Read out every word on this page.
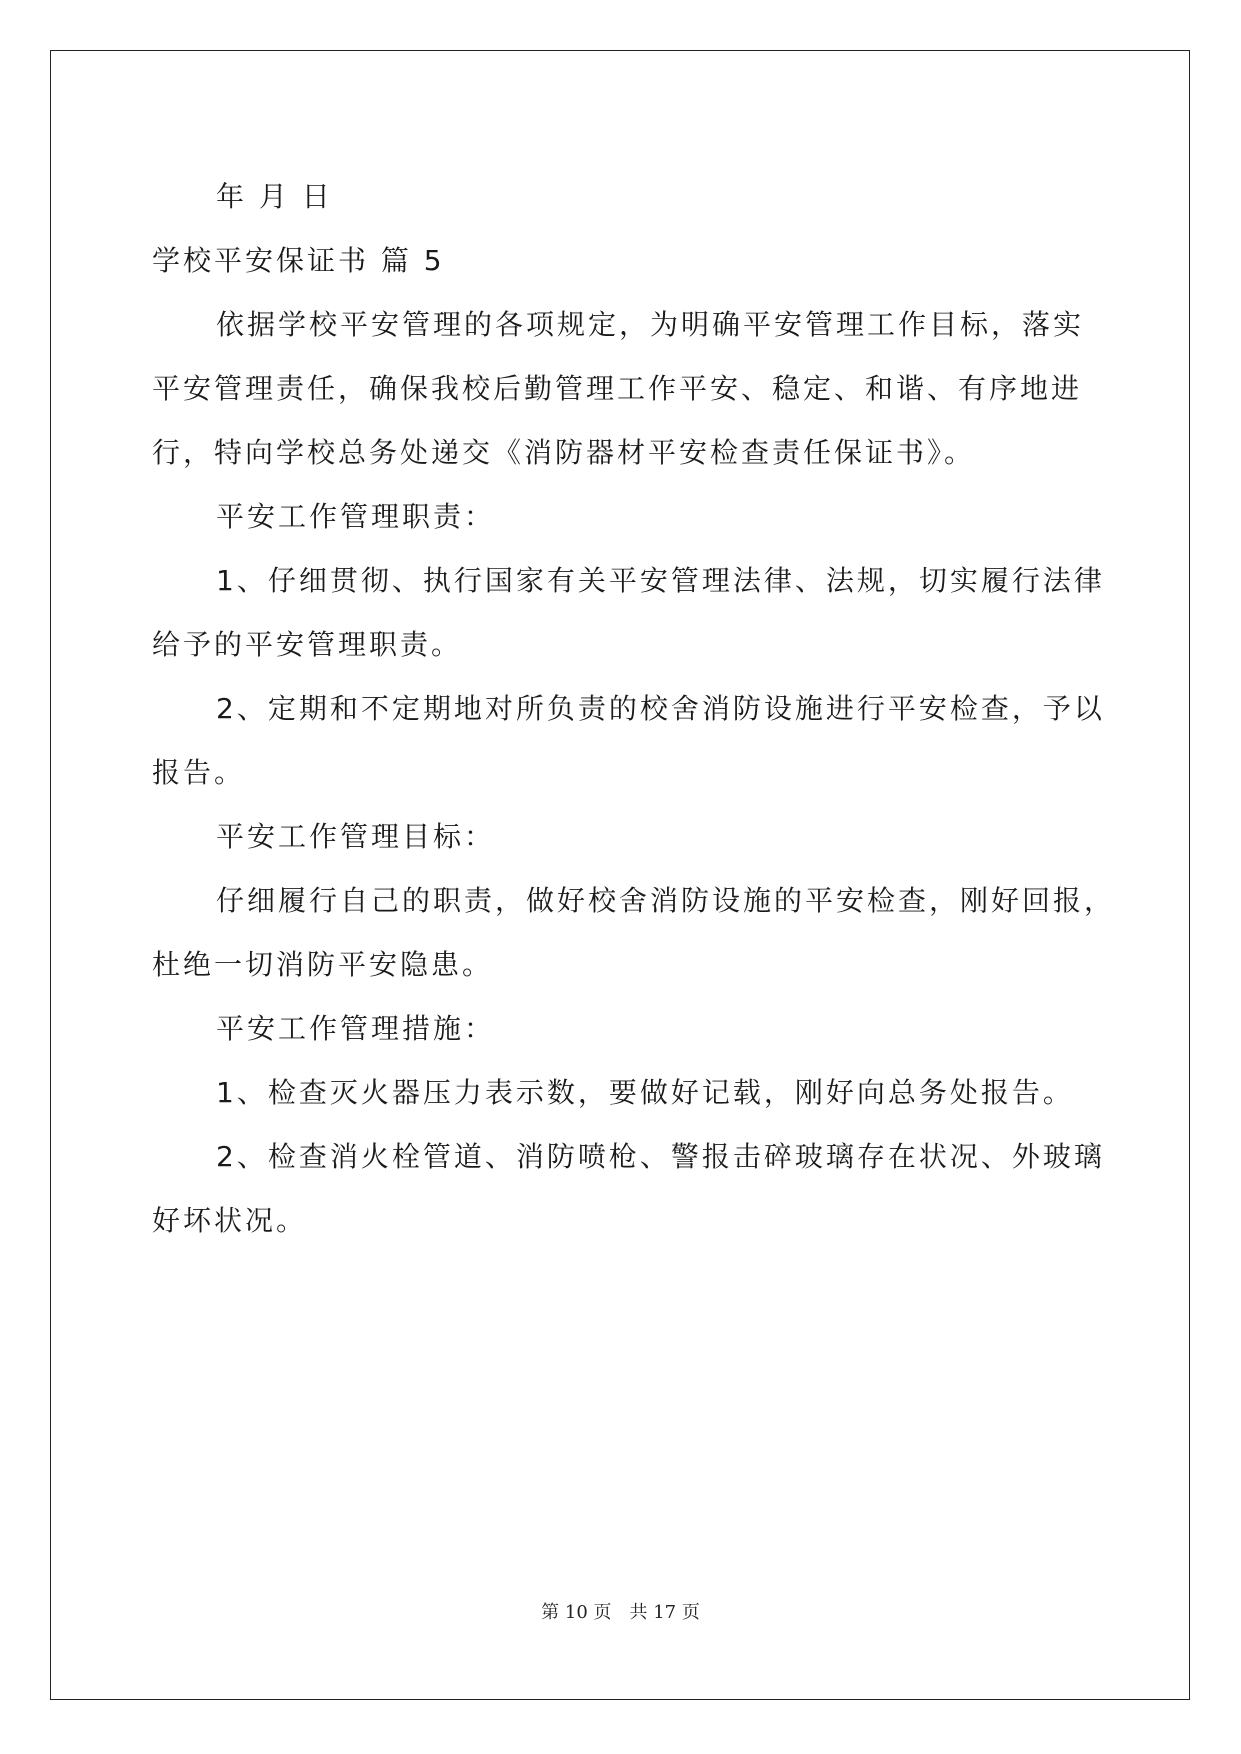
年 月 日
学校平安保证书 篇 5
依据学校平安管理的各项规定，为明确平安管理工作目标，落实
平安管理责任，确保我校后勤管理工作平安、稳定、和谐、有序地进
行，特向学校总务处递交《消防器材平安检查责任保证书》。
平安工作管理职责：
1、仔细贯彻、执行国家有关平安管理法律、法规，切实履行法律
给予的平安管理职责。
2、定期和不定期地对所负责的校舍消防设施进行平安检查，予以
报告。
平安工作管理目标：
仔细履行自己的职责，做好校舍消防设施的平安检查，刚好回报，
杜绝一切消防平安隐患。
平安工作管理措施：
1、检查灭火器压力表示数，要做好记载，刚好向总务处报告。
2、检查消火栓管道、消防喷枪、警报击碎玻璃存在状况、外玻璃
好坏状况。
第 10 页 共 17 页
